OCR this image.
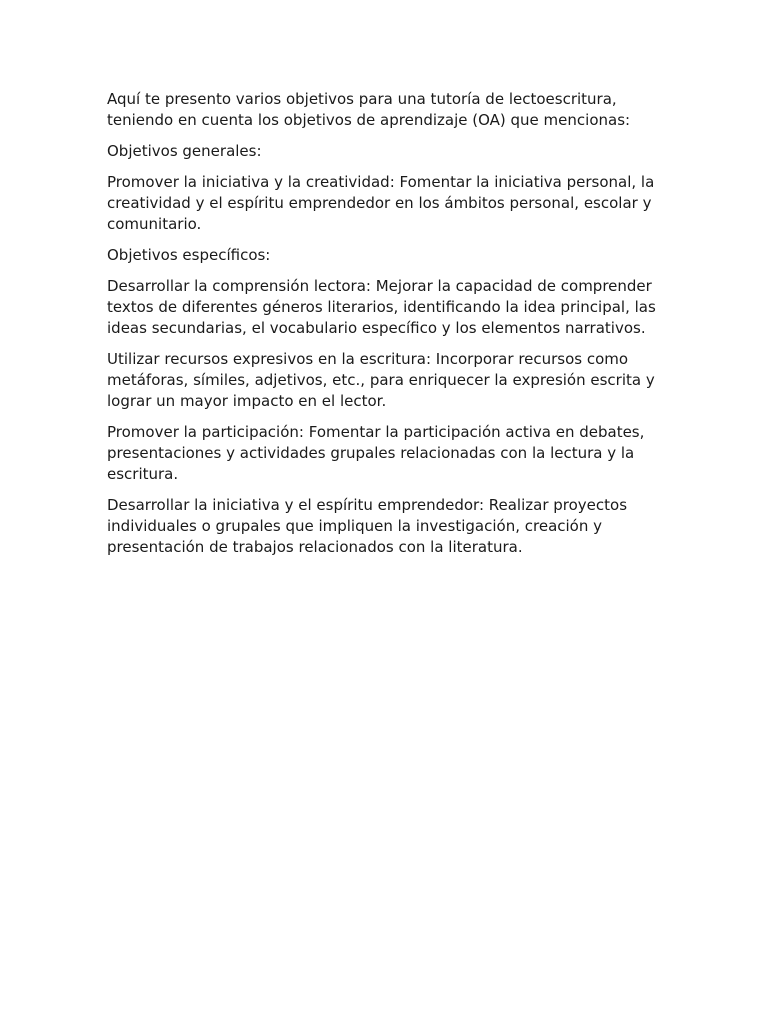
Aquí te presento varios objetivos para una tutoría de lectoescritura, teniendo en cuenta los objetivos de aprendizaje (OA) que mencionas:

Objetivos generales:

Promover la iniciativa y la creatividad: Fomentar la iniciativa personal, la creatividad y el espíritu emprendedor en los ámbitos personal, escolar y comunitario.

Objetivos específicos:

Desarrollar la comprensión lectora: Mejorar la capacidad de comprender textos de diferentes géneros literarios, identificando la idea principal, las ideas secundarias, el vocabulario específico y los elementos narrativos.

Utilizar recursos expresivos en la escritura: Incorporar recursos como metáforas, símiles, adjetivos, etc., para enriquecer la expresión escrita y lograr un mayor impacto en el lector.

Promover la participación: Fomentar la participación activa en debates, presentaciones y actividades grupales relacionadas con la lectura y la escritura.

Desarrollar la iniciativa y el espíritu emprendedor: Realizar proyectos individuales o grupales que impliquen la investigación, creación y presentación de trabajos relacionados con la literatura.
